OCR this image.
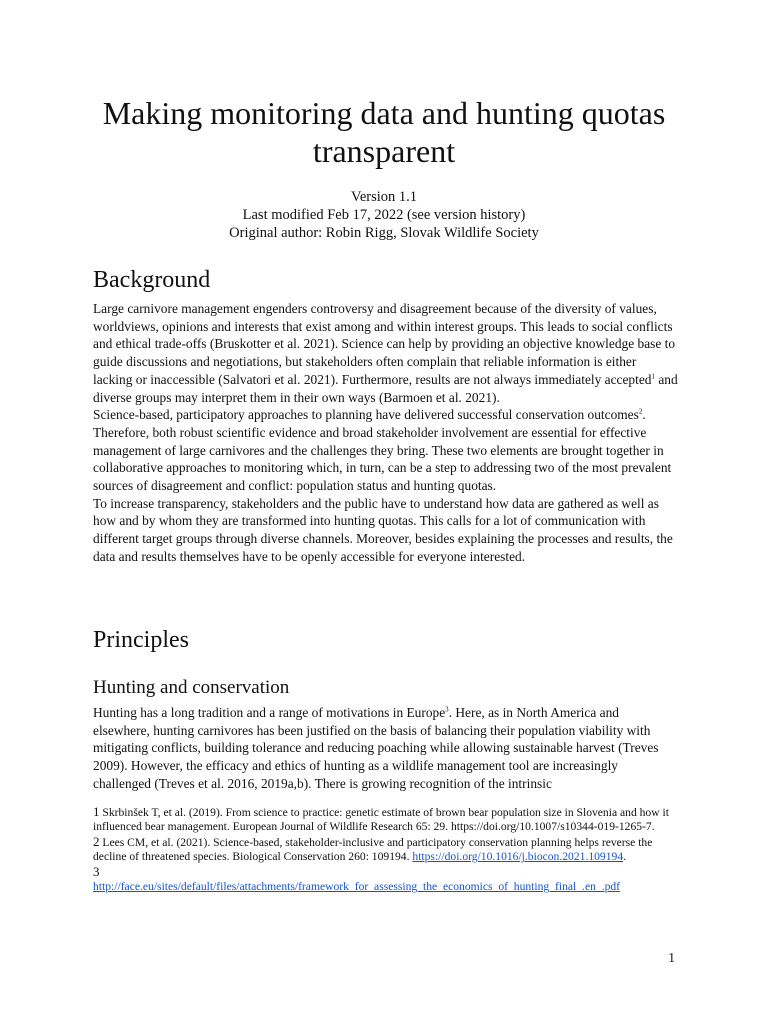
Making monitoring data and hunting quotas transparent
Version 1.1
Last modified Feb 17, 2022 (see version history)
Original author: Robin Rigg, Slovak Wildlife Society
Background

Large carnivore management engenders controversy and disagreement because of the diversity of values, worldviews, opinions and interests that exist among and within interest groups. This leads to social conflicts and ethical trade-offs (Bruskotter et al. 2021). Science can help by providing an objective knowledge base to guide discussions and negotiations, but stakeholders often complain that reliable information is either lacking or inaccessible (Salvatori et al. 2021). Furthermore, results are not always immediately accepted$^1$ and diverse groups may interpret them in their own ways (Barmoen et al. 2021).

Science-based, participatory approaches to planning have delivered successful conservation outcomes$^2$. Therefore, both robust scientific evidence and broad stakeholder involvement are essential for effective management of large carnivores and the challenges they bring. These two elements are brought together in collaborative approaches to monitoring which, in turn, can be a step to addressing two of the most prevalent sources of disagreement and conflict: population status and hunting quotas.

To increase transparency, stakeholders and the public have to understand how data are gathered as well as how and by whom they are transformed into hunting quotas. This calls for a lot of communication with different target groups through diverse channels. Moreover, besides explaining the processes and results, the data and results themselves have to be openly accessible for everyone interested.

Principles
Hunting and conservation

Hunting has a long tradition and a range of motivations in Europe$^3$. Here, as in North America and elsewhere, hunting carnivores has been justified on the basis of balancing their population viability with mitigating conflicts, building tolerance and reducing poaching while allowing sustainable harvest (Treves 2009). However, the efficacy and ethics of hunting as a wildlife management tool are increasingly challenged (Treves et al. 2016, 2019a,b). There is growing recognition of the intrinsic

1 Skrbinšek T, et al. (2019). From science to practice: genetic estimate of brown bear population size in Slovenia and how it influenced bear management. European Journal of Wildlife Research 65: 29. https://doi.org/10.1007/s10344-019-1265-7.

2 Lees CM, et al. (2021). Science-based, stakeholder-inclusive and participatory conservation planning helps reverse the decline of threatened species. Biological Conservation 260: 109194. https://doi.org/10.1016/j.biocon.2021.109194.

3
http://face.eu/sites/default/files/attachments/framework_for_assessing_the_economics_of_hunting_final_.en_.pdf

1
